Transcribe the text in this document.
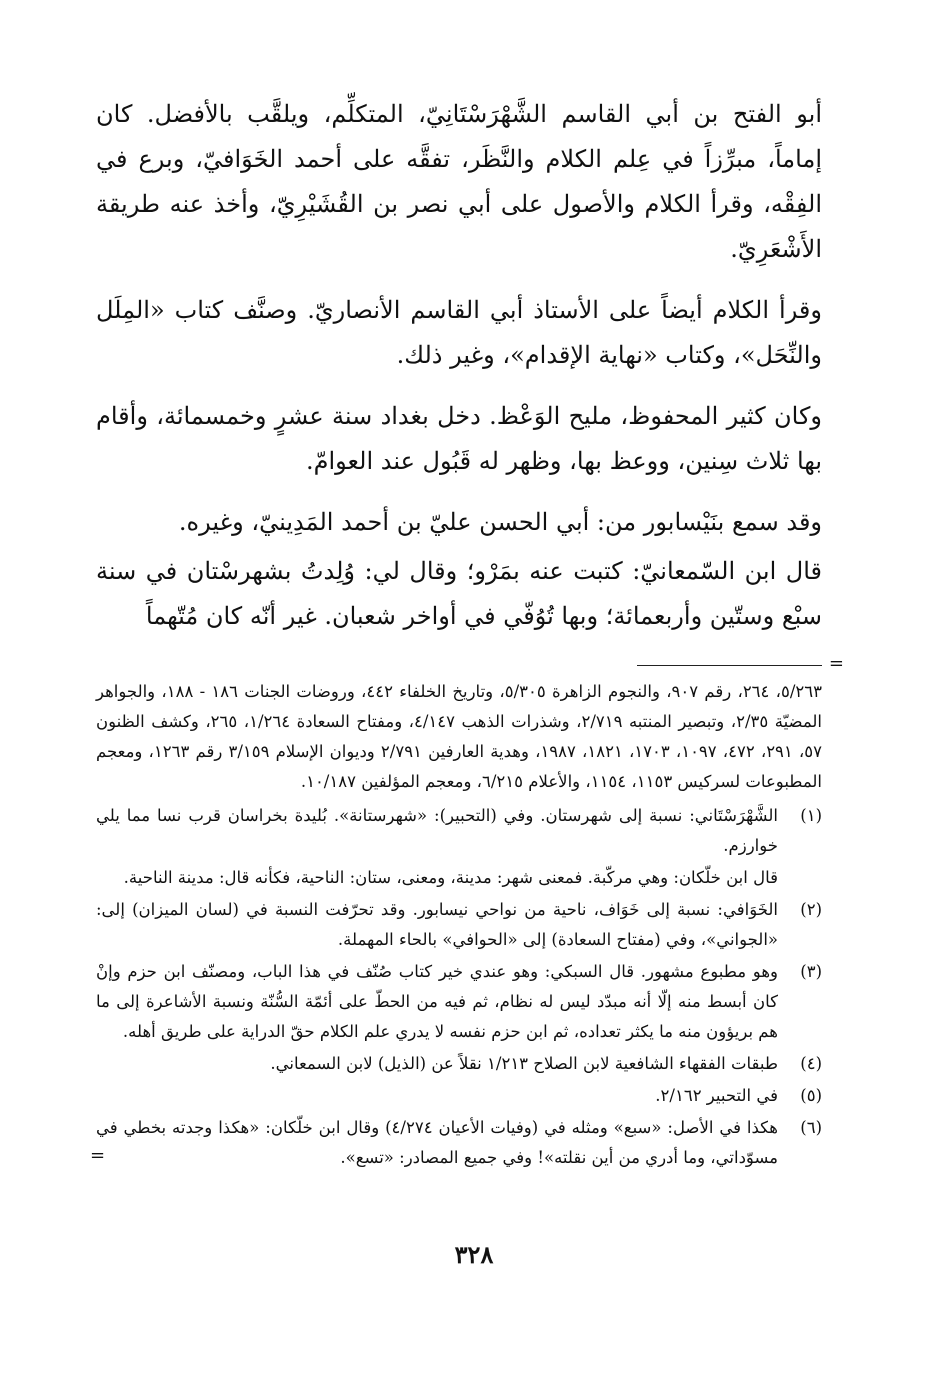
أبو الفتح بن أبي القاسم الشَّهْرَسْتَانِيّ، المتكلِّم، ويلقَّب بالأفضل. كان إماماً، مبرِّزاً في عِلم الكلام والنَّظَر، تفقَّه على أحمد الخَوَافيّ، وبرع في الفِقْه، وقرأ الكلام والأصول على أبي نصر بن القُشَيْرِيّ، وأخذ عنه طريقة الأَشْعَرِيّ.

وقرأ الكلام أيضاً على الأستاذ أبي القاسم الأنصاريّ. وصنَّف كتاب «المِلَل والنِّحَل»، وكتاب «نهاية الإقدام»، وغير ذلك.

وكان كثير المحفوظ، مليح الوَعْظ. دخل بغداد سنة عشرٍ وخمسمائة، وأقام بها ثلاث سِنين، ووعظ بها، وظهر له قَبُول عند العوامّ.

وقد سمع بنَيْسابور من: أبي الحسن عليّ بن أحمد المَدِينيّ، وغيره.

قال ابن السّمعانيّ: كتبت عنه بمَرْو؛ وقال لي: وُلِدتُ بشهرسْتان في سنة سبْع وستّين وأربعمائة؛ وبها تُوُفّي في أواخر شعبان. غير أنّه كان مُتّهماً

=
٥/٢٦٣، ٢٦٤، رقم ٩٠٧، والنجوم الزاهرة ٥/٣٠٥، وتاريخ الخلفاء ٤٤٢، وروضات الجنات ١٨٦ - ١٨٨، والجواهر المضيّة ٢/٣٥، وتبصير المنتبه ٢/٧١٩، وشذرات الذهب ٤/١٤٧، ومفتاح السعادة ١/٢٦٤، ٢٦٥، وكشف الظنون ٥٧، ٢٩١، ٤٧٢، ١٠٩٧، ١٧٠٣، ١٨٢١، ١٩٨٧، وهدية العارفين ٢/٧٩١ وديوان الإسلام ٣/١٥٩ رقم ١٢٦٣، ومعجم المطبوعات لسركيس ١١٥٣، ١١٥٤، والأعلام ٦/٢١٥، ومعجم المؤلفين ١٠/١٨٧.
(١)
الشَّهْرَسْتَاني: نسبة إلى شهرستان. وفي (التحبير): «شهرستانة». بُليدة بخراسان قرب نسا مما يلي خوارزم.
قال ابن خلّكان: وهي مركّبة. فمعنى شهر: مدينة، ومعنى، ستان: الناحية، فكأنه قال: مدينة الناحية.
(٢)
الخَوَافي: نسبة إلى خَوَاف، ناحية من نواحي نيسابور. وقد تحرّفت النسبة في (لسان الميزان) إلى: «الجواني»، وفي (مفتاح السعادة) إلى «الحوافي» بالحاء المهملة.
(٣)
وهو مطبوع مشهور. قال السبكي: وهو عندي خير كتاب صُنّف في هذا الباب، ومصنّف ابن حزم وإنْ كان أبسط منه إلّا أنه مبدّد ليس له نظام، ثم فيه من الحطّ على أئمّة السُّنّة ونسبة الأشاعرة إلى ما هم بريؤون منه ما يكثر تعداده، ثم ابن حزم نفسه لا يدري علم الكلام حقّ الدراية على طريق أهله.
(٤)
طبقات الفقهاء الشافعية لابن الصلاح ١/٢١٣ نقلاً عن (الذيل) لابن السمعاني.
(٥)
في التحبير ٢/١٦٢.
(٦)
هكذا في الأصل: «سبع» ومثله في (وفيات الأعيان ٤/٢٧٤) وقال ابن خلّكان: «هكذا وجدته بخطي في مسوّداتي، وما أدري من أين نقلته»! وفي جميع المصادر: «تسع».
=
٣٢٨
